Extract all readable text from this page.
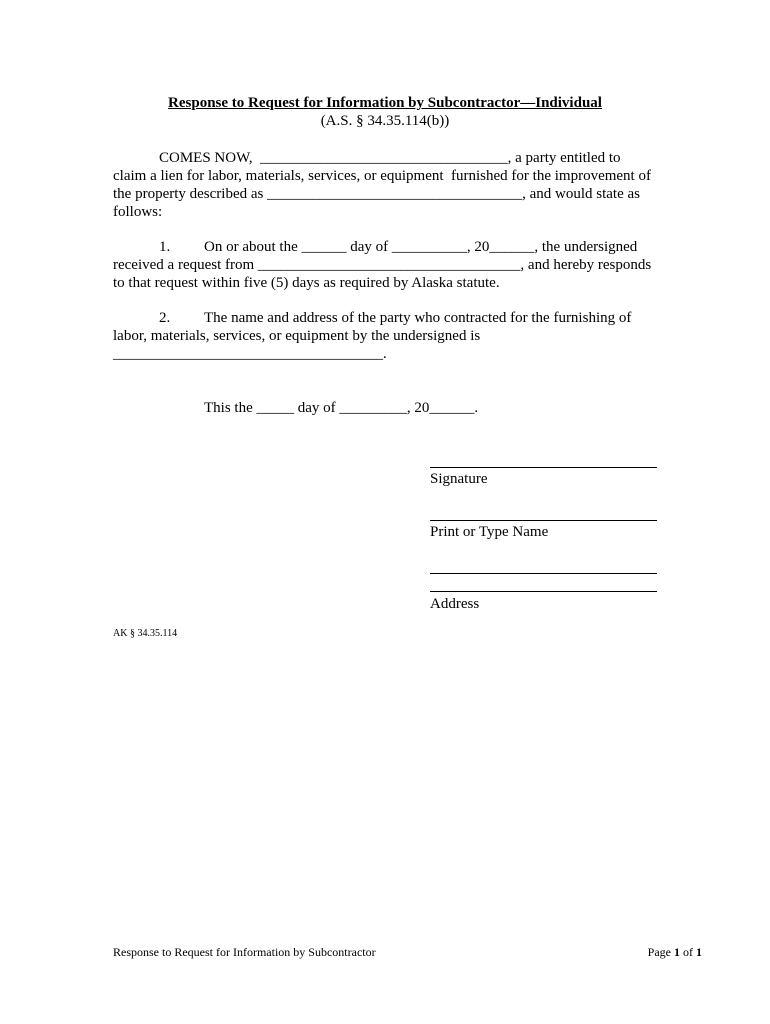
Response to Request for Information by Subcontractor—Individual
(A.S. § 34.35.114(b))
COMES NOW,  _________________________________, a party entitled to
claim a lien for labor, materials, services, or equipment  furnished for the improvement of
the property described as __________________________________, and would state as
follows:
1. On or about the ______ day of __________, 20______, the undersigned
received a request from ___________________________________, and hereby responds
to that request within five (5) days as required by Alaska statute.
2. The name and address of the party who contracted for the furnishing of
labor, materials, services, or equipment by the undersigned is
____________________________________.
This the _____ day of _________, 20______.
Signature
Print or Type Name
Address
AK § 34.35.114
Response to Request for Information by Subcontractor	Page 1 of 1
